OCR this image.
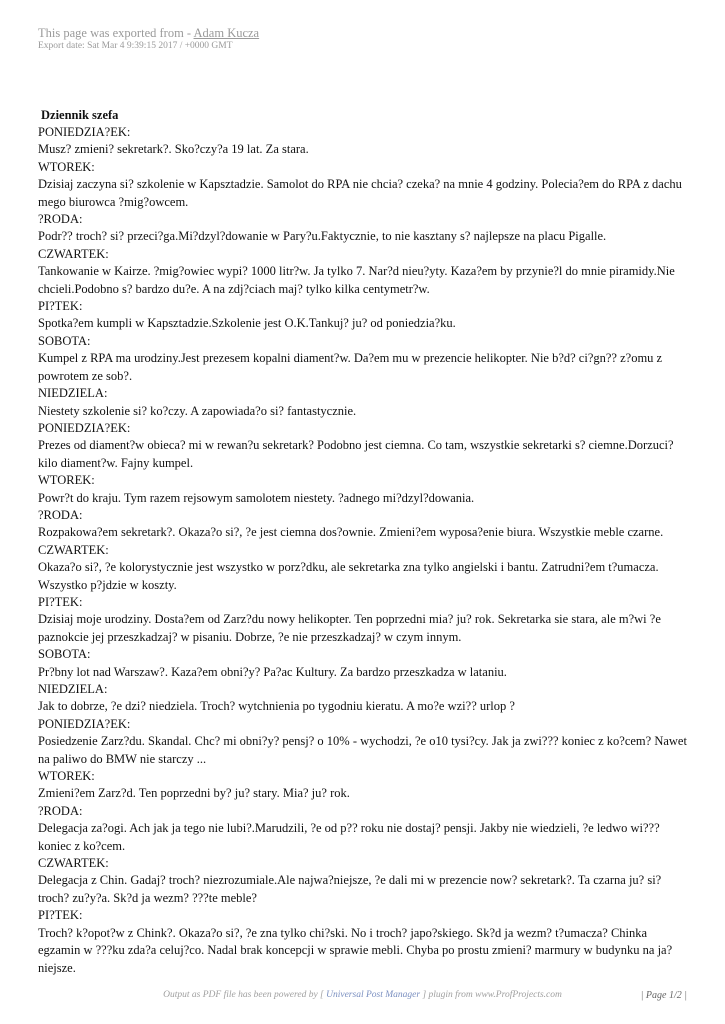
This page was exported from - Adam Kucza
Export date: Sat Mar 4 9:39:15 2017 / +0000 GMT
Dziennik szefa

PONIEDZIA?EK:

Musz? zmieni? sekretark?. Sko?czy?a 19 lat. Za stara.

WTOREK:

Dzisiaj zaczyna si? szkolenie w Kapsztadzie. Samolot do RPA nie chcia? czeka? na mnie 4 godziny. Polecia?em do RPA z dachu mego biurowca ?mig?owcem.

?RODA:

Podr?? troch? si? przeci?ga.Mi?dzyl?dowanie w Pary?u.Faktycznie, to nie kasztany s? najlepsze na placu Pigalle.

CZWARTEK:

Tankowanie w Kairze. ?mig?owiec wypi? 1000 litr?w. Ja tylko 7. Nar?d nieu?yty. Kaza?em by przynie?l do mnie piramidy.Nie chcieli.Podobno s? bardzo du?e. A na zdj?ciach maj? tylko kilka centymetr?w.

PI?TEK:

Spotka?em kumpli w Kapsztadzie.Szkolenie jest O.K.Tankuj? ju? od poniedzia?ku.

SOBOTA:

Kumpel z RPA ma urodziny.Jest prezesem kopalni diament?w. Da?em mu w prezencie helikopter. Nie b?d? ci?gn?? z?omu z powrotem ze sob?.

NIEDZIELA:

Niestety szkolenie si? ko?czy. A zapowiada?o si? fantastycznie.

PONIEDZIA?EK:

Prezes od diament?w obieca? mi w rewan?u sekretark? Podobno jest ciemna. Co tam, wszystkie sekretarki s? ciemne.Dorzuci? kilo diament?w. Fajny kumpel.

WTOREK:

Powr?t do kraju. Tym razem rejsowym samolotem niestety. ?adnego mi?dzyl?dowania.

?RODA:

Rozpakowa?em sekretark?. Okaza?o si?, ?e jest ciemna dos?ownie. Zmieni?em wyposa?enie biura. Wszystkie meble czarne.

CZWARTEK:

Okaza?o si?, ?e kolorystycznie jest wszystko w porz?dku, ale sekretarka zna tylko angielski i bantu. Zatrudni?em t?umacza. Wszystko p?jdzie w koszty.

PI?TEK:

Dzisiaj moje urodziny. Dosta?em od Zarz?du nowy helikopter. Ten poprzedni mia? ju? rok. Sekretarka sie stara, ale m?wi ?e paznokcie jej przeszkadzaj? w pisaniu. Dobrze, ?e nie przeszkadzaj? w czym innym.

SOBOTA:

Pr?bny lot nad Warszaw?. Kaza?em obni?y? Pa?ac Kultury. Za bardzo przeszkadza w lataniu.

NIEDZIELA:

Jak to dobrze, ?e dzi? niedziela. Troch? wytchnienia po tygodniu kieratu. A mo?e wzi?? urlop ?

PONIEDZIA?EK:

Posiedzenie Zarz?du. Skandal. Chc? mi obni?y? pensj? o 10% - wychodzi, ?e o10 tysi?cy. Jak ja zwi??? koniec z ko?cem? Nawet na paliwo do BMW nie starczy ...

WTOREK:

Zmieni?em Zarz?d. Ten poprzedni by? ju? stary. Mia? ju? rok.

?RODA:

Delegacja za?ogi. Ach jak ja tego nie lubi?.Marudzili, ?e od p?? roku nie dostaj? pensji. Jakby nie wiedzieli, ?e ledwo wi??? koniec z ko?cem.

CZWARTEK:

Delegacja z Chin. Gadaj? troch? niezrozumiale.Ale najwa?niejsze, ?e dali mi w prezencie now? sekretark?. Ta czarna ju? si? troch? zu?y?a. Sk?d ja wezm? ???te meble?

PI?TEK:

Troch? k?opot?w z Chink?. Okaza?o si?, ?e zna tylko chi?ski. No i troch? japo?skiego. Sk?d ja wezm? t?umacza? Chinka egzamin w ???ku zda?a celuj?co. Nadal brak koncepcji w sprawie mebli. Chyba po prostu zmieni? marmury w budynku na ja?niejsze.

Output as PDF file has been powered by [ Universal Post Manager ] plugin from www.ProfProjects.com	| Page 1/2 |
